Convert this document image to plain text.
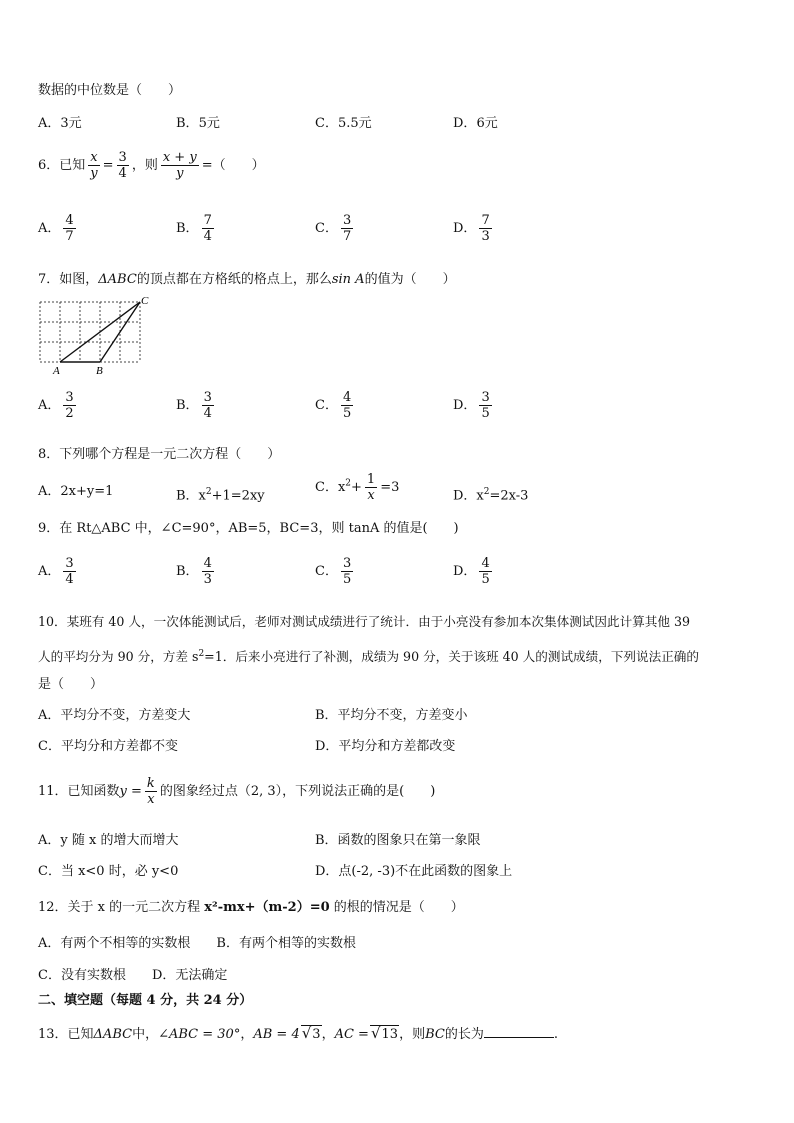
数据的中位数是（　　）
A．3元	B．5元	C．5.5元	D．6元
6．已知 $\frac{x}{y} = \frac{3}{4}$ ，则 $\frac{x + y}{y}$ =（　　）
A． $\frac{4}{7}$	B． $\frac{7}{4}$	C． $\frac{3}{7}$	D． $\frac{7}{3}$
7．如图，ΔABC的顶点都在方格纸的格点上，那么sin A的值为（　　）
A	B
C
A． $\frac{3}{2}$	B． $\frac{3}{4}$	C． $\frac{4}{5}$	D． $\frac{3}{5}$
8．下列哪个方程是一元二次方程（　　）
A．2x+y=1	B．$x^2+1=2xy$
C．$x^2+ \frac{1}{x} =3$
D．$x^2=2x-3$
9．在 Rt△ABC 中，∠C=90°，AB=5，BC=3，则 tanA 的值是(　　)
A． $\frac{3}{4}$	B． $\frac{4}{3}$	C． $\frac{3}{5}$	D． $\frac{4}{5}$
10．某班有 40 人，一次体能测试后，老师对测试成绩进行了统计．由于小亮没有参加本次集体测试因此计算其他 39
人的平均分为 90 分，方差 $s^2=1$．后来小亮进行了补测，成绩为 90 分，关于该班 40 人的测试成绩，下列说法正确的
是（　　）
A．平均分不变，方差变大	B．平均分不变，方差变小
C．平均分和方差都不变	D．平均分和方差都改变
11．已知函数$y = \frac{k}{x}$ 的图象经过点（2, 3），下列说法正确的是(　　)
A．y 随 x 的增大而增大	B．函数的图象只在第一象限
C．当 x<0 时，必 y<0	D．点(-2, -3)不在此函数的图象上
12．关于 x 的一元二次方程 x²-mx+（m-2）=0 的根的情况是（　　）
A．有两个不相等的实数根　　B．有两个相等的实数根
C．没有实数根　　D．无法确定
二、填空题（每题 4 分，共 24 分）
13．已知ΔABC中，∠ABC = 30°，AB = 4 √3，AC = √13，则BC的长为	.
